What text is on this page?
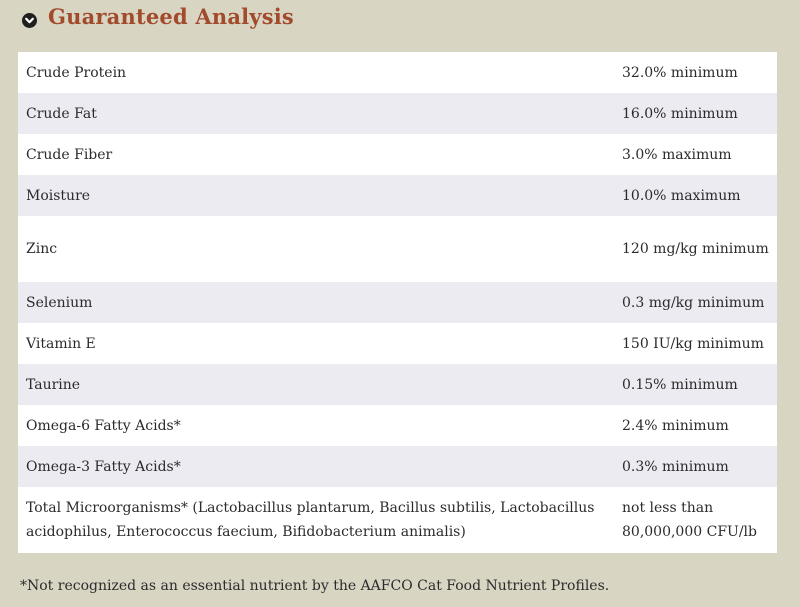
Guaranteed Analysis
Crude Protein	32.0% minimum
Crude Fat	16.0% minimum
Crude Fiber	3.0% maximum
Moisture	10.0% maximum
Zinc	120 mg/kg minimum
Selenium	0.3 mg/kg minimum
Vitamin E	150 IU/kg minimum
Taurine	0.15% minimum
Omega-6 Fatty Acids*	2.4% minimum
Omega-3 Fatty Acids*	0.3% minimum
Total Microorganisms* (Lactobacillus plantarum, Bacillus subtilis, Lactobacillus acidophilus, Enterococcus faecium, Bifidobacterium animalis)	not less than 80,000,000 CFU/lb
*Not recognized as an essential nutrient by the AAFCO Cat Food Nutrient Profiles.
